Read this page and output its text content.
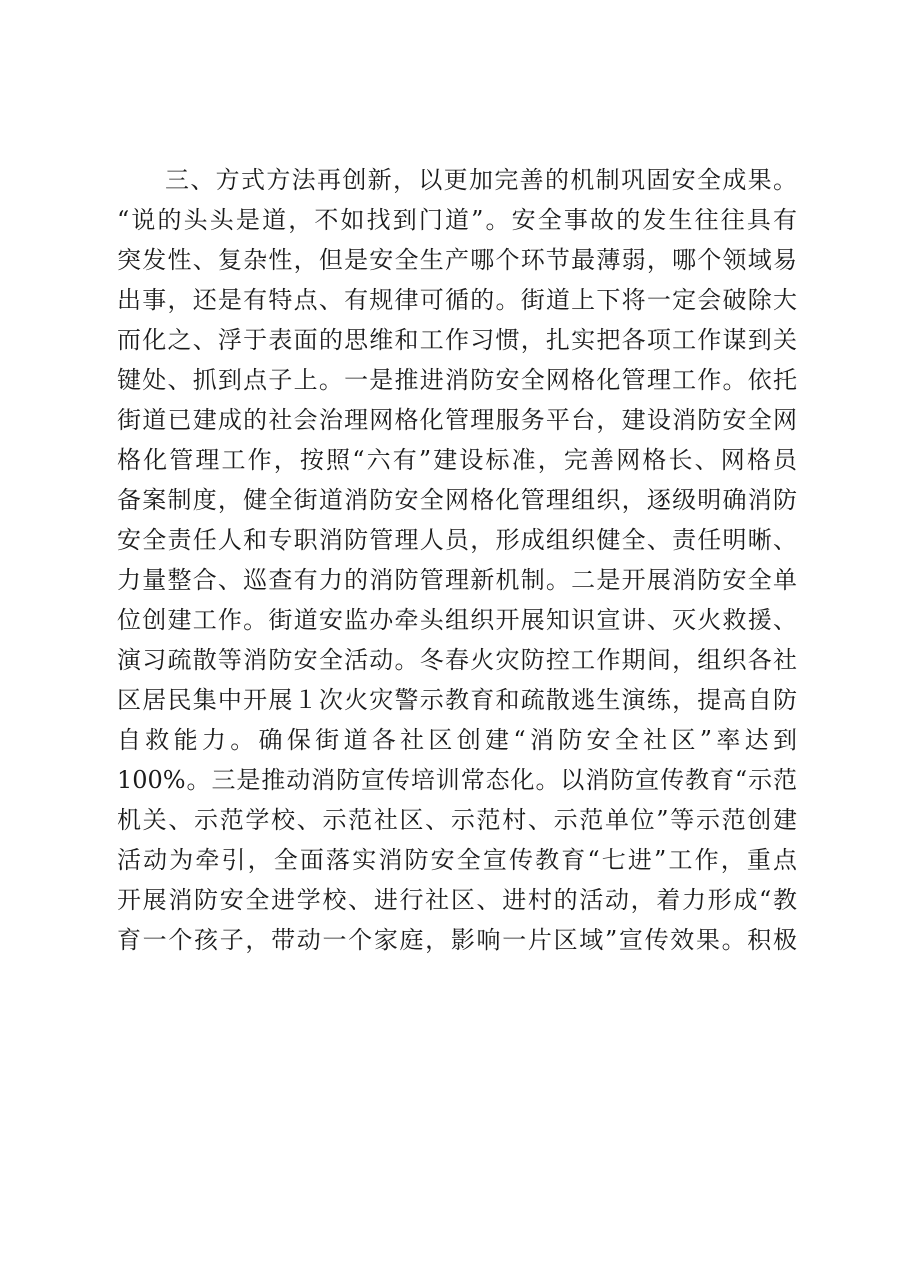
三、方式方法再创新，以更加完善的机制巩固安全成果。
“说的头头是道，不如找到门道”。安全事故的发生往往具有
突发性、复杂性，但是安全生产哪个环节最薄弱，哪个领域易
出事，还是有特点、有规律可循的。街道上下将一定会破除大
而化之、浮于表面的思维和工作习惯，扎实把各项工作谋到关
键处、抓到点子上。一是推进消防安全网格化管理工作。依托
街道已建成的社会治理网格化管理服务平台，建设消防安全网
格化管理工作，按照“六有”建设标准，完善网格长、网格员
备案制度，健全街道消防安全网格化管理组织，逐级明确消防
安全责任人和专职消防管理人员，形成组织健全、责任明晰、
力量整合、巡查有力的消防管理新机制。二是开展消防安全单
位创建工作。街道安监办牵头组织开展知识宣讲、灭火救援、
演习疏散等消防安全活动。冬春火灾防控工作期间，组织各社
区居民集中开展１次火灾警示教育和疏散逃生演练，提高自防
自救能力。确保街道各社区创建“消防安全社区”率达到
100%。三是推动消防宣传培训常态化。以消防宣传教育“示范
机关、示范学校、示范社区、示范村、示范单位”等示范创建
活动为牵引，全面落实消防安全宣传教育“七进”工作，重点
开展消防安全进学校、进行社区、进村的活动，着力形成“教
育一个孩子，带动一个家庭，影响一片区域”宣传效果。积极
